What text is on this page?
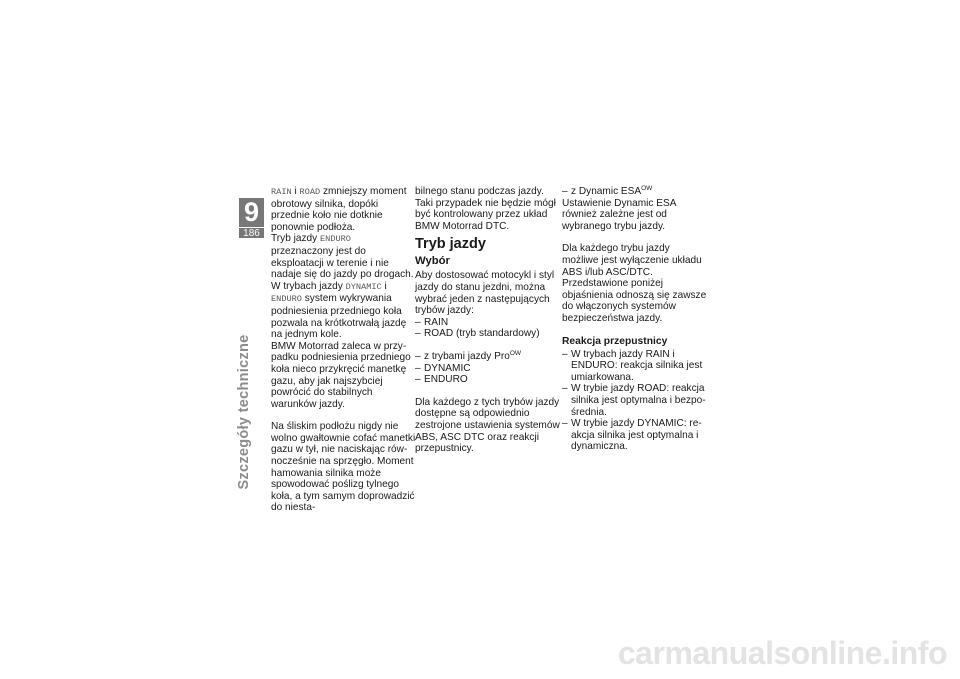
9
186
Szczegóły techniczne

RAIN i ROAD zmniejszy moment obrotowy silnika, dopóki przednie koło nie dotknie ponownie podłoża.

Tryb jazdy ENDURO przeznaczony jest do eksploatacji w terenie i nie nadaje się do jazdy po drogach.

W trybach jazdy DYNAMIC i ENDURO system wykrywania podniesienia przedniego koła pozwala na krótkotrwałą jazdę na jednym kole.

BMW Motorrad zaleca w przypadku podniesienia przedniego koła nieco przykręcić manetkę gazu, aby jak najszybciej powrócić do stabilnych warunków jazdy.

Na śliskim podłożu nigdy nie wolno gwałtownie cofać manetki gazu w tył, nie naciskając równocześnie na sprzęgło. Moment hamowania silnika może spowodować poślizg tylnego koła, a tym samym doprowadzić do niesta-

bilnego stanu podczas jazdy. Taki przypadek nie będzie mógł być kontrolowany przez układ BMW Motorrad DTC.

Tryb jazdy
Wybór

Aby dostosować motocykl i styl jazdy do stanu jezdni, można wybrać jeden z następujących trybów jazdy:

– RAIN
– ROAD (tryb standardowy)
– z trybami jazdy Pro$^{OW}$
– DYNAMIC
– ENDURO

Dla każdego z tych trybów jazdy dostępne są odpowiednio zestrojone ustawienia systemów ABS, ASC DTC oraz reakcji przepustnicy.

– z Dynamic $ESA^{OW}$

Ustawienie Dynamic ESA również zależne jest od wybranego trybu jazdy.

Dla każdego trybu jazdy możliwe jest wyłączenie układu ABS i/lub ASC/DTC. Przedstawione poniżej objaśnienia odnoszą się zawsze do włączonych systemów bezpieczeństwa jazdy.

Reakcja przepustnicy
– W trybach jazdy RAIN i ENDURO: reakcja silnika jest umiarkowana.
– W trybie jazdy ROAD: reakcja silnika jest optymalna i bezpośrednia.
– W trybie jazdy DYNAMIC: reakcja silnika jest optymalna i dynamiczna.
carmanualsonline.info
